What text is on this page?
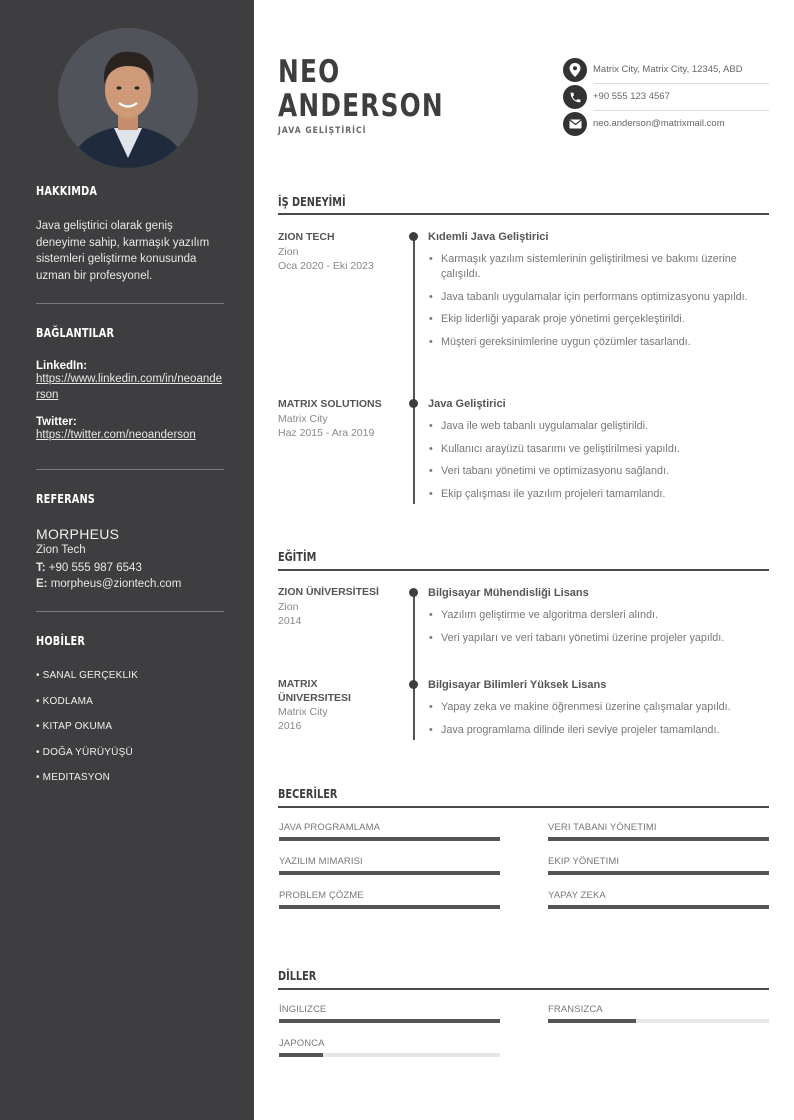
HAKKIMDA
Java geliştirici olarak geniş deneyime sahip, karmaşık yazılım sistemleri geliştirme konusunda uzman bir profesyonel.
BAĞLANTILAR
LinkedIn:
https://www.linkedin.com/in/neoanderson
Twitter:
https://twitter.com/neoanderson
REFERANS
MORPHEUS
Zion Tech
T: +90 555 987 6543
E: morpheus@ziontech.com
HOBİLER
• SANAL GERÇEKLIK
• KODLAMA
• KITAP OKUMA
• DOĞA YÜRÜYÜŞÜ
• MEDITASYON
NEO
ANDERSON
JAVA GELİŞTİRİCİ
Matrix City, Matrix City, 12345, ABD
+90 555 123 4567
neo.anderson@matrixmail.com
İŞ DENEYİMİ
ZION TECH
Zion
Oca 2020 - Eki 2023
Kıdemli Java Geliştirici
• Karmaşık yazılım sistemlerinin geliştirilmesi ve bakımı üzerine çalışıldı.
• Java tabanlı uygulamalar için performans optimizasyonu yapıldı.
• Ekip liderliği yaparak proje yönetimi gerçekleştirildi.
• Müşteri gereksinimlerine uygun çözümler tasarlandı.
MATRIX SOLUTIONS
Matrix City
Haz 2015 - Ara 2019
Java Geliştirici
• Java ile web tabanlı uygulamalar geliştirildi.
• Kullanıcı arayüzü tasarımı ve geliştirilmesi yapıldı.
• Veri tabanı yönetimi ve optimizasyonu sağlandı.
• Ekip çalışması ile yazılım projeleri tamamlandı.
EĞİTİM
ZION ÜNİVERSİTESİ
Zion
2014
Bilgisayar Mühendisliği Lisans
• Yazılım geliştirme ve algoritma dersleri alındı.
• Veri yapıları ve veri tabanı yönetimi üzerine projeler yapıldı.
MATRIX ÜNIVERSITESI
Matrix City
2016
Bilgisayar Bilimleri Yüksek Lisans
• Yapay zeka ve makine öğrenmesi üzerine çalışmalar yapıldı.
• Java programlama dilinde ileri seviye projeler tamamlandı.
BECERİLER
JAVA PROGRAMLAMA	VERI TABANI YÖNETIMI
YAZILIM MIMARISI	EKIP YÖNETIMI
PROBLEM ÇÖZME	YAPAY ZEKA
DİLLER
İNGILIZCE	FRANSIZCA
JAPONCA
